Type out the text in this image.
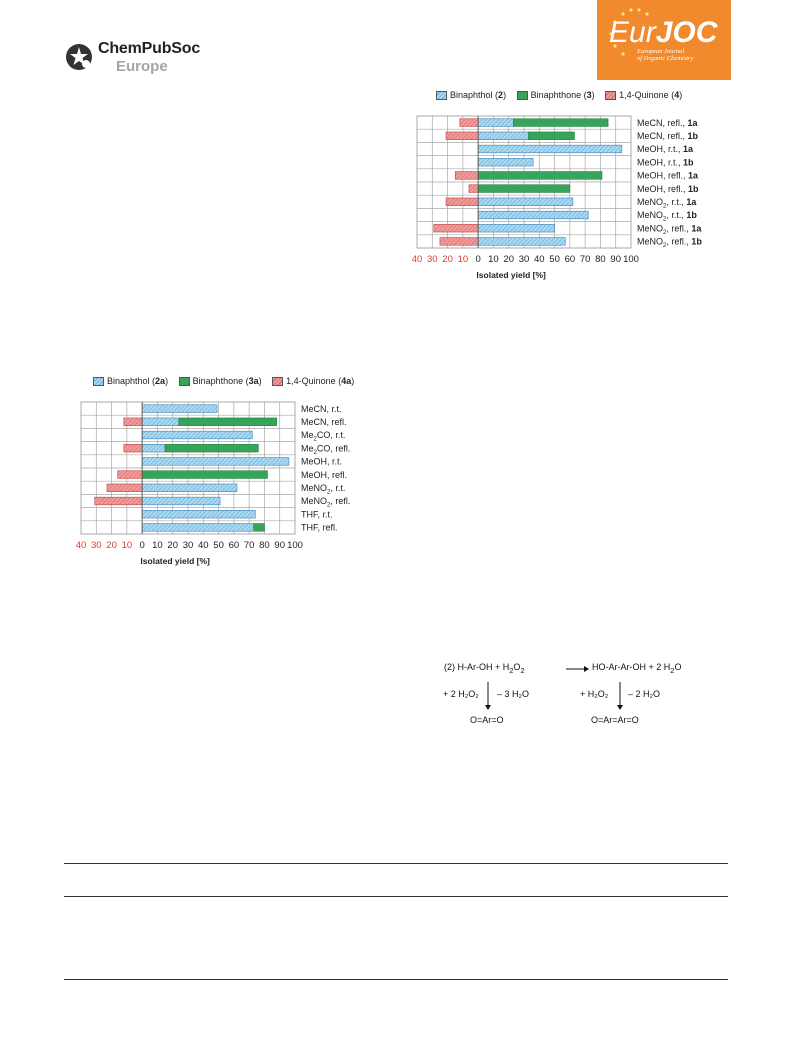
ChemPubSoc
Europe
EurJOC
European Journal
of Organic Chemistry
Binaphthol ( 2 )	Binaphthone ( 3 )	1,4-Quinone ( 4 )
MeCN, refl., 1a
MeCN, refl., 1b
MeOH, r.t., 1a
MeOH, r.t., 1b
MeOH, refl., 1a
MeOH, refl., 1b
MeNO$_2$, r.t., 1a
MeNO$_2$, r.t., 1b
MeNO$_2$, refl., 1a
MeNO$_2$, refl., 1b
40 30 20 10 0 10 20 30 40 50 60 70 80 90 100
Isolated yield [%]
Binaphthol ( 2a )	Binaphthone ( 3a )	1,4-Quinone ( 4a )
MeCN, r.t.
MeCN, refl.
$Me_2CO$, r.t.
$Me_2CO$, refl.
MeOH, r.t.
MeOH, refl.
MeNO$_2$, r.t.
MeNO$_2$, refl.
THF, r.t.
THF, refl.
40 30 20 10 0 10 20 30 40 50 60 70 80 90 100
Isolated yield [%]
(2) $H-Ar-OH + H_2O_2$	HO-Ar-Ar-OH + 2 $H_2O$
+ 2 H₂O₂ – 3 H₂O	+ H₂O₂ – 2 H₂O
O=Ar=O	O=Ar=Ar=O
